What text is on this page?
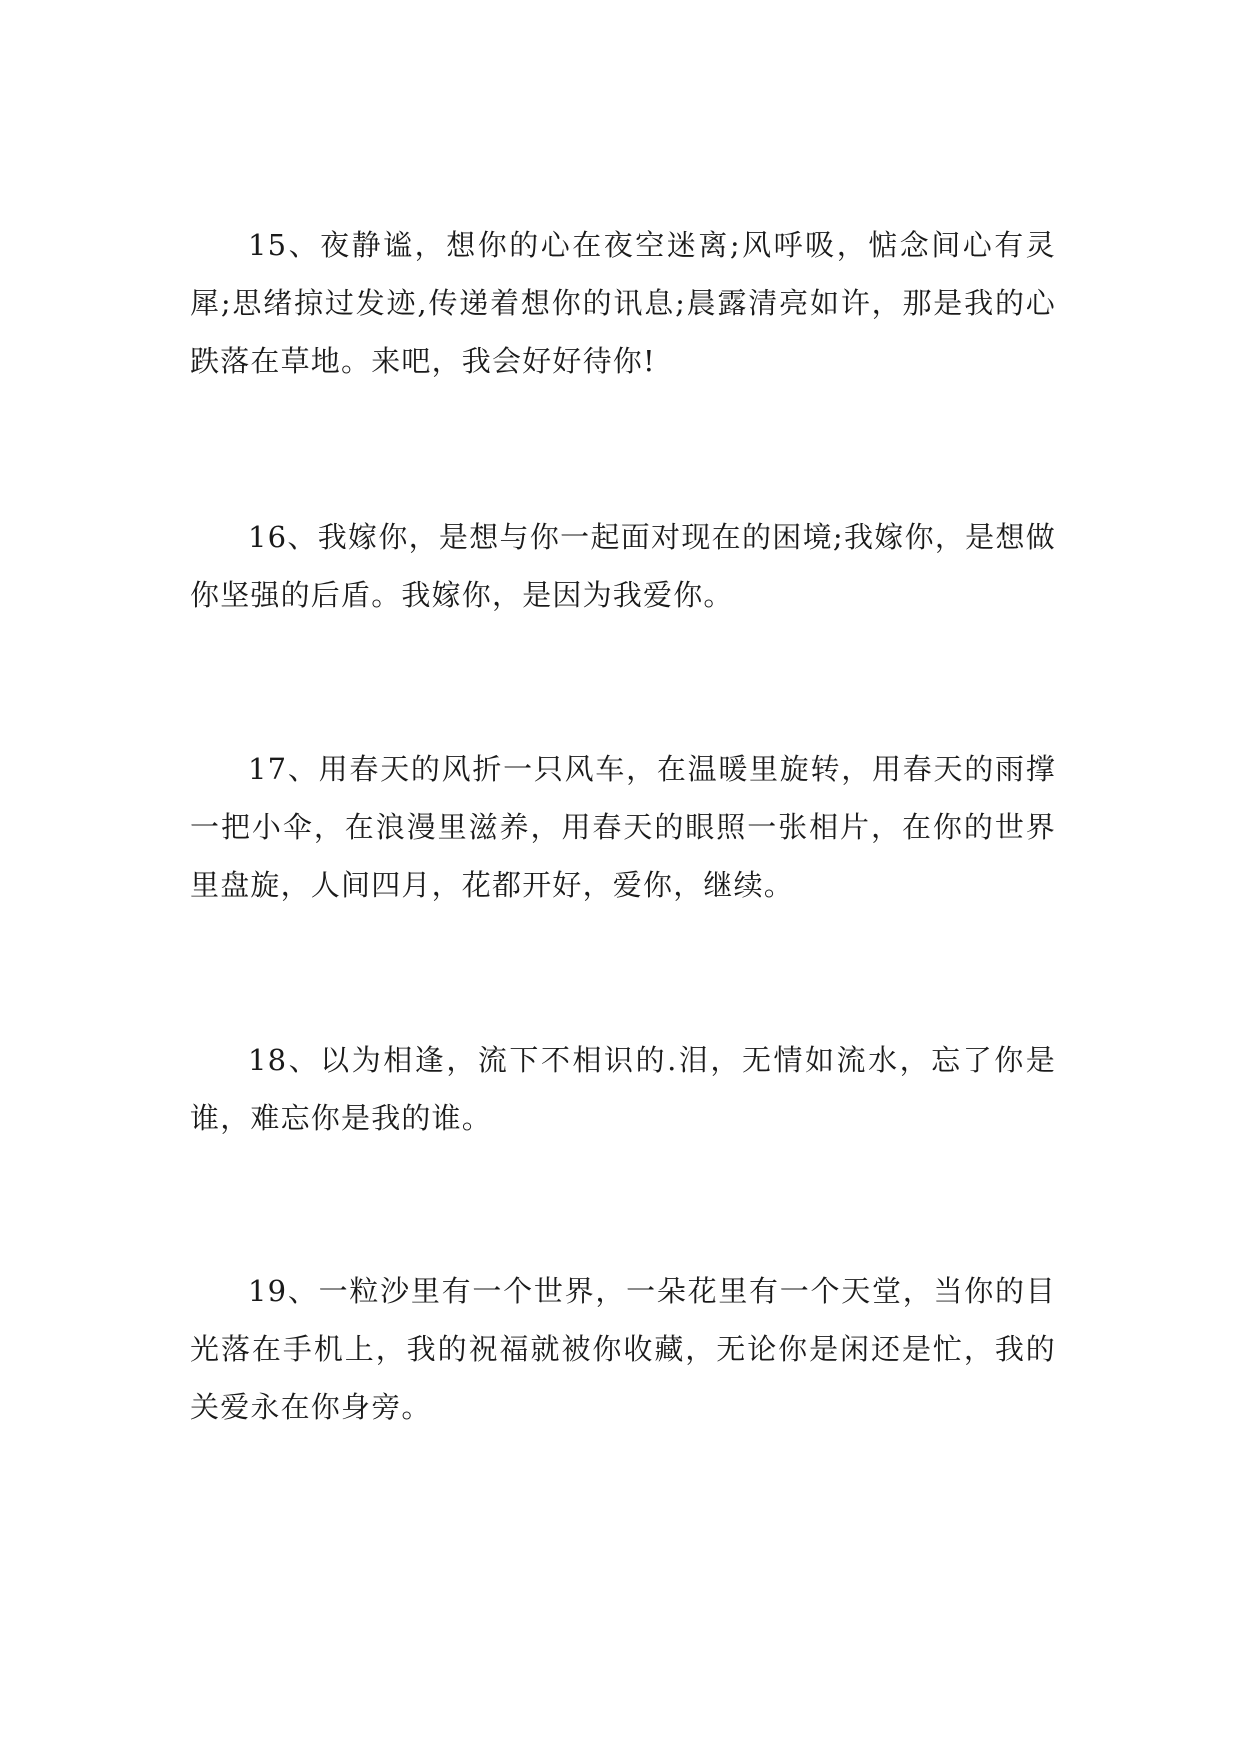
15、夜静谧，想你的心在夜空迷离;风呼吸，惦念间心有灵犀;思绪掠过发迹,传递着想你的讯息;晨露清亮如许，那是我的心跌落在草地。来吧，我会好好待你!

16、我嫁你，是想与你一起面对现在的困境;我嫁你，是想做你坚强的后盾。我嫁你，是因为我爱你。

17、用春天的风折一只风车，在温暖里旋转，用春天的雨撑一把小伞，在浪漫里滋养，用春天的眼照一张相片，在你的世界里盘旋，人间四月，花都开好，爱你，继续。

18、以为相逢，流下不相识的.泪，无情如流水，忘了你是谁，难忘你是我的谁。

19、一粒沙里有一个世界，一朵花里有一个天堂，当你的目光落在手机上，我的祝福就被你收藏，无论你是闲还是忙，我的关爱永在你身旁。
